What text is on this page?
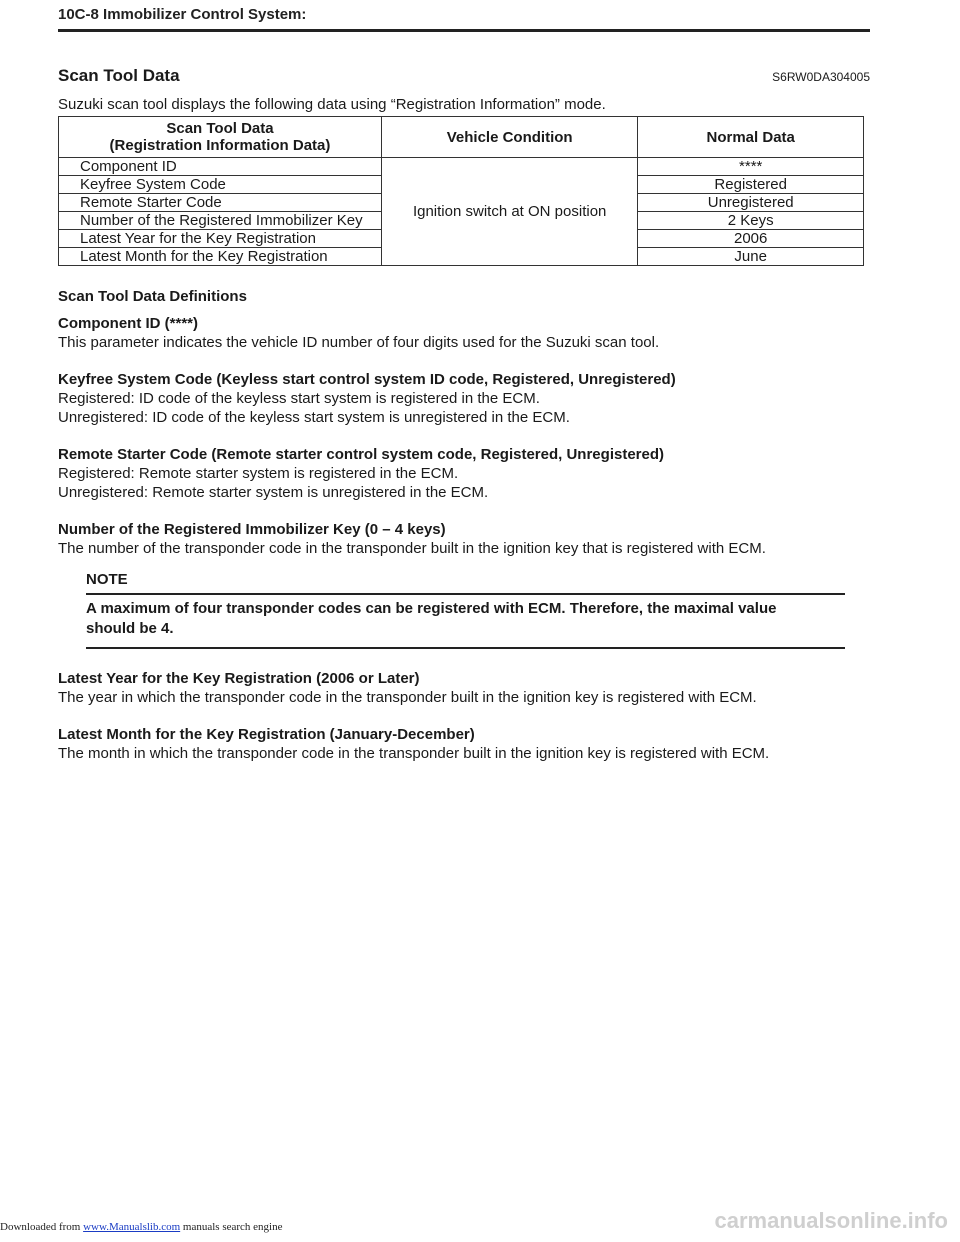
10C-8 Immobilizer Control System:
Scan Tool Data	S6RW0DA304005
Suzuki scan tool displays the following data using “Registration Information” mode.
Scan Tool Data
(Registration Information Data)	Vehicle Condition	Normal Data
Component ID	Ignition switch at ON position	****
Keyfree System Code		Registered
Remote Starter Code		Unregistered
Number of the Registered Immobilizer Key		2 Keys
Latest Year for the Key Registration		2006
Latest Month for the Key Registration		June
Scan Tool Data Definitions
Component ID (****)
This parameter indicates the vehicle ID number of four digits used for the Suzuki scan tool.
Keyfree System Code (Keyless start control system ID code, Registered, Unregistered)
Registered: ID code of the keyless start system is registered in the ECM.
Unregistered: ID code of the keyless start system is unregistered in the ECM.
Remote Starter Code (Remote starter control system code, Registered, Unregistered)
Registered: Remote starter system is registered in the ECM.
Unregistered: Remote starter system is unregistered in the ECM.
Number of the Registered Immobilizer Key (0 – 4 keys)
The number of the transponder code in the transponder built in the ignition key that is registered with ECM.
NOTE
A maximum of four transponder codes can be registered with ECM. Therefore, the maximal value
should be 4.
Latest Year for the Key Registration (2006 or Later)
The year in which the transponder code in the transponder built in the ignition key is registered with ECM.
Latest Month for the Key Registration (January-December)
The month in which the transponder code in the transponder built in the ignition key is registered with ECM.
Downloaded from www.Manualslib.com manuals search engine	carmanualsonline.info
